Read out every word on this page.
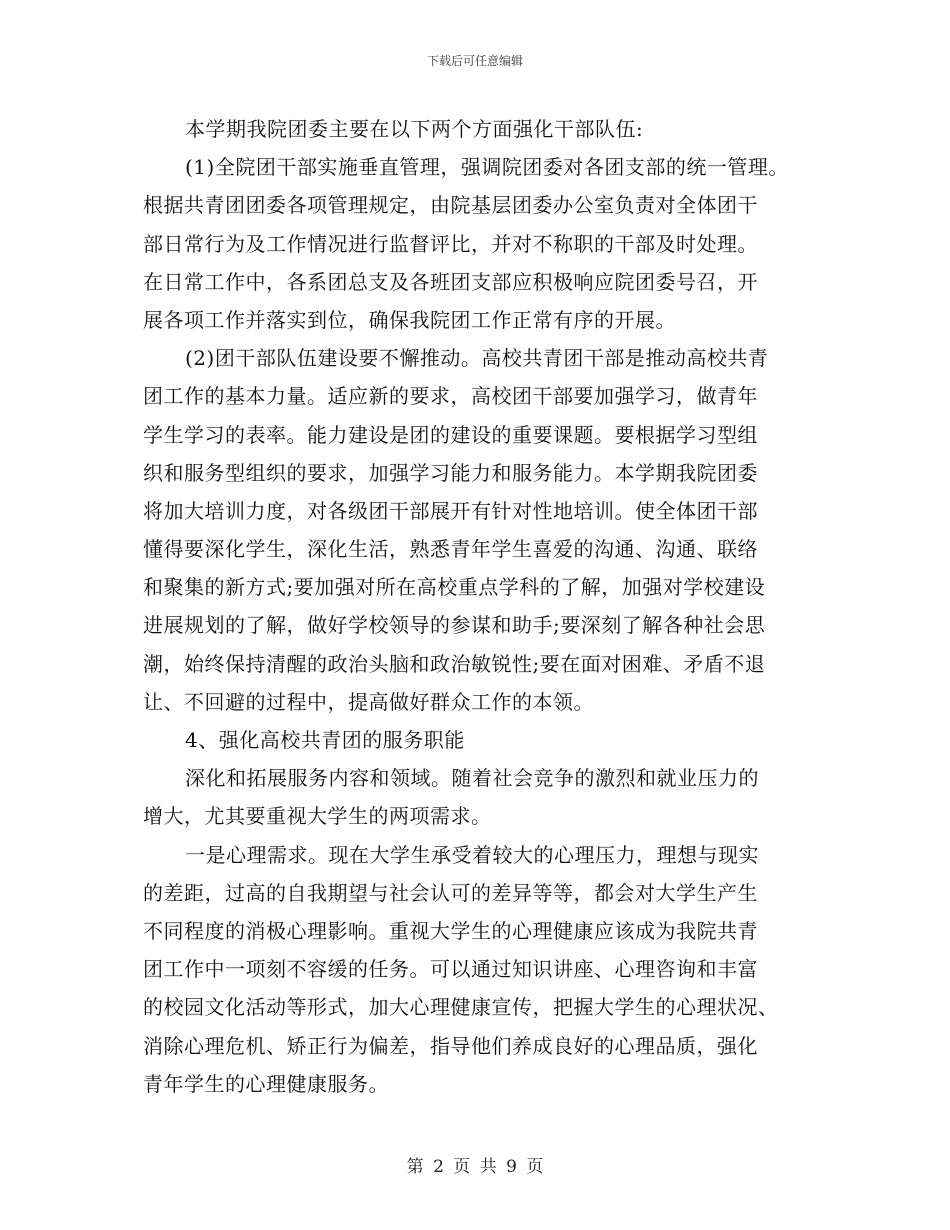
下载后可任意编辑
本学期我院团委主要在以下两个方面强化干部队伍:
(1)全院团干部实施垂直管理，强调院团委对各团支部的统一管理。
根据共青团团委各项管理规定，由院基层团委办公室负责对全体团干
部日常行为及工作情况进行监督评比，并对不称职的干部及时处理。
在日常工作中，各系团总支及各班团支部应积极响应院团委号召，开
展各项工作并落实到位，确保我院团工作正常有序的开展。
(2)团干部队伍建设要不懈推动。高校共青团干部是推动高校共青
团工作的基本力量。适应新的要求，高校团干部要加强学习，做青年
学生学习的表率。能力建设是团的建设的重要课题。要根据学习型组
织和服务型组织的要求，加强学习能力和服务能力。本学期我院团委
将加大培训力度，对各级团干部展开有针对性地培训。使全体团干部
懂得要深化学生，深化生活，熟悉青年学生喜爱的沟通、沟通、联络
和聚集的新方式;要加强对所在高校重点学科的了解，加强对学校建设
进展规划的了解，做好学校领导的参谋和助手;要深刻了解各种社会思
潮，始终保持清醒的政治头脑和政治敏锐性;要在面对困难、矛盾不退
让、不回避的过程中，提高做好群众工作的本领。
4、强化高校共青团的服务职能
深化和拓展服务内容和领域。随着社会竞争的激烈和就业压力的
增大，尤其要重视大学生的两项需求。
一是心理需求。现在大学生承受着较大的心理压力，理想与现实
的差距，过高的自我期望与社会认可的差异等等，都会对大学生产生
不同程度的消极心理影响。重视大学生的心理健康应该成为我院共青
团工作中一项刻不容缓的任务。可以通过知识讲座、心理咨询和丰富
的校园文化活动等形式，加大心理健康宣传，把握大学生的心理状况、
消除心理危机、矫正行为偏差，指导他们养成良好的心理品质，强化
青年学生的心理健康服务。
第 2 页 共 9 页
